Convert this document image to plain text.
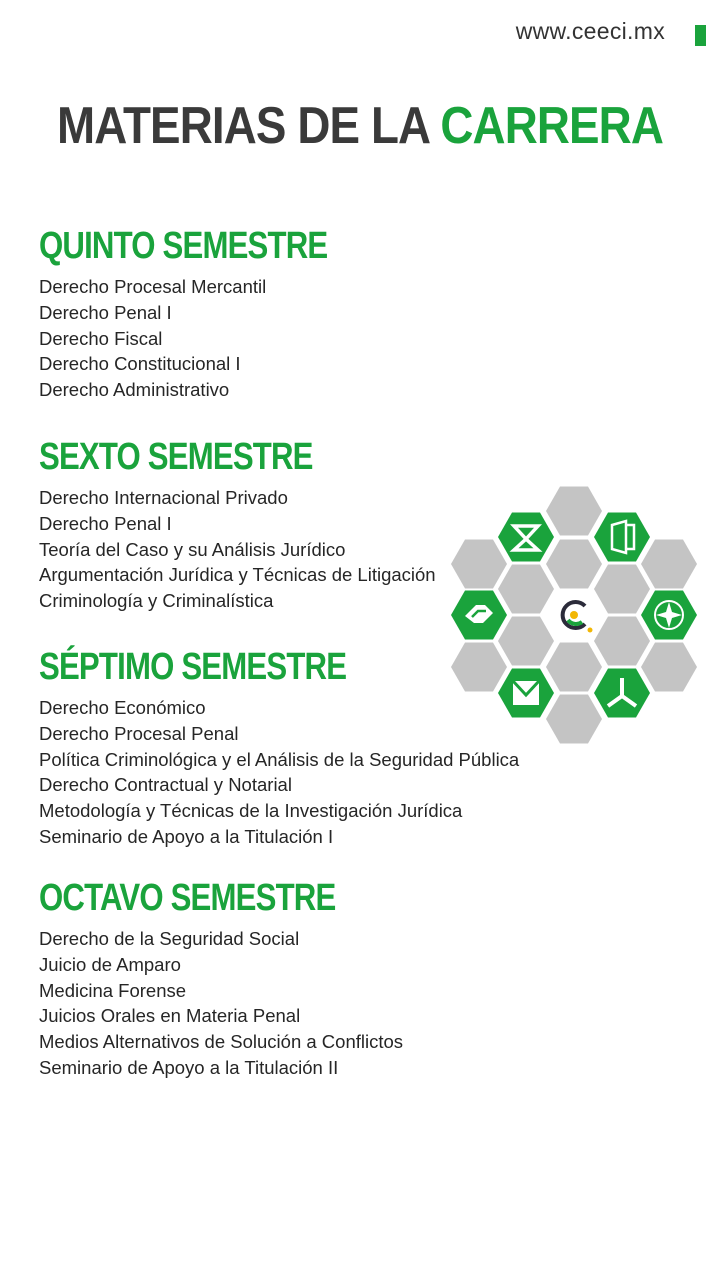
www.ceeci.mx
MATERIAS DE LA CARRERA
QUINTO SEMESTRE
Derecho Procesal Mercantil
Derecho Penal I
Derecho Fiscal
Derecho Constitucional I
Derecho Administrativo
SEXTO SEMESTRE
Derecho Internacional Privado
Derecho Penal I
Teoría del Caso y su Análisis Jurídico
Argumentación Jurídica y Técnicas de Litigación
Criminología y Criminalística
SÉPTIMO SEMESTRE
Derecho Económico
Derecho Procesal Penal
Política Criminológica y el Análisis de la Seguridad Pública
Derecho Contractual y Notarial
Metodología y Técnicas de la Investigación Jurídica
Seminario de Apoyo a la Titulación I
OCTAVO SEMESTRE
Derecho de la Seguridad Social
Juicio de Amparo
Medicina Forense
Juicios Orales en Materia Penal
Medios Alternativos de Solución a Conflictos
Seminario de Apoyo a la Titulación II
